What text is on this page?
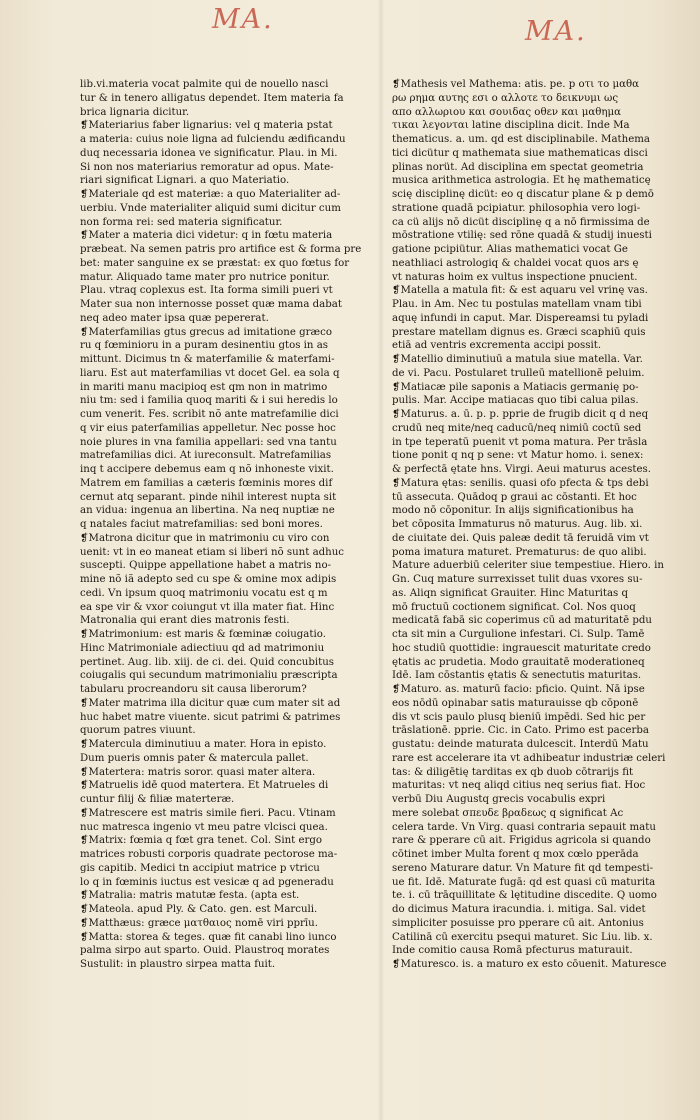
MA.	MA.
lib.vi.materia vocat palmite qui de nouello nasci
tur & in tenero alligatus dependet. Item materia fa
brica lignaria dicitur.
❡Materiarius faber lignarius: vel q materia pstat
a materia: cuius noie ligna ad fulciendu ædificandu
duq necessaria idonea ve significatur. Plau. in Mi.
Si non nos materiarius remoratur ad opus. Mate-
riari significat Lignari. a quo Materiatio.
❡Materiale qd est materiæ: a quo Materialiter ad-
uerbiu. Vnde materialiter aliquid sumi dicitur cum
non forma rei: sed materia significatur.
❡Mater a materia dici videtur: q in fœtu materia
præbeat. Na semen patris pro artifice est & forma pre
bet: mater sanguine ex se præstat: ex quo fœtus for
matur. Aliquado tame mater pro nutrice ponitur.
Plau. vtraq coplexus est. Ita forma simili pueri vt
Mater sua non internosse posset quæ mama dabat
neq adeo mater ipsa quæ pepererat.
❡Materfamilias gtus grecus ad imitatione græco
ru q fœminioru in a puram desinentiu gtos in as
mittunt. Dicimus tn & materfamilie & materfami-
liaru. Est aut materfamilias vt docet Gel. ea sola q
in mariti manu macipioq est qm non in matrimo
niu tm: sed i familia quoq mariti & i sui heredis lo
cum venerit. Fes. scribit nõ ante matrefamilie dici
q vir eius paterfamilias appelletur. Nec posse hoc
noie plures in vna familia appellari: sed vna tantu
matrefamilias dici. At iureconsult. Matrefamilias
inq t accipere debemus eam q nõ inhoneste vixit.
Matrem em familias a cæteris fœminis mores dif
cernut atq separant. pinde nihil interest nupta sit
an vidua: ingenua an libertina. Na neq nuptiæ ne
q natales faciut matrefamilias: sed boni mores.
❡Matrona dicitur que in matrimoniu cu viro con
uenit: vt in eo maneat etiam si liberi nõ sunt adhuc
suscepti. Quippe appellatione habet a matris no-
mine nõ iã adepto sed cu spe & omine mox adipis
cedi. Vn ipsum quoq matrimoniu vocatu est q m
ea spe vir & vxor coiungut vt illa mater fiat. Hinc
Matronalia qui erant dies matronis festi.
❡Matrimonium: est maris & fœminæ coiugatio.
Hinc Matrimoniale adiectiuu qd ad matrimoniu
pertinet. Aug. lib. xiij. de ci. dei. Quid concubitus
coiugalis qui secundum matrimonialiu præscripta
tabularu procreandoru sit causa liberorum?
❡Mater matrima illa dicitur quæ cum mater sit ad
huc habet matre viuente. sicut patrimi & patrimes
quorum patres viuunt.
❡Matercula diminutiuu a mater. Hora in episto.
Dum pueris omnis pater & matercula pallet.
❡Matertera: matris soror. quasi mater altera.
❡Matruelis idē quod matertera. Et Matrueles di
cuntur filij & filiæ materteræ.
❡Matrescere est matris simile fieri. Pacu. Vtinam
nuc matresca ingenio vt meu patre vlcisci quea.
❡Matrix: fœmia q fœt gra tenet. Col. Sint ergo
matrices robusti corporis quadrate pectorose ma-
gis capitib. Medici tn accipiut matrice p vtricu
lo q in fœminis iuctus est vesicæ q ad pgeneradu
❡Matralia: matris matutæ festa. (apta est.
❡Mateola. apud Ply. & Cato. gen. est Marculi.
❡Matthæus: græce ματθαιος nomē viri pprīu.
❡Matta: storea & teges. quæ fit canabi lino iunco
palma sirpo aut sparto. Ouid. Plaustroq morates
Sustulit: in plaustro sirpea matta fuit.
❡Mathesis vel Mathema: atis. pe. p οτι το μαθα
ρω ρημα αυτης εσι ο αλλοτε το δεικνυμι ως
απο αλλωριου και σουιδας οθεν και μαθημα
τικαι λεγονται latine disciplina dicit. Inde Ma
thematicus. a. um. qd est disciplinabile. Mathema
tici dicütur q mathemata siue mathematicas disci
plinas norüt. Ad disciplina em spectat geometria
musica arithmetica astrologia. Et hę mathematicę
scię disciplinę dicüt: eo q discatur plane & p demō
stratione quadā pcipiatur. philosophia vero logi-
ca cü alijs nō dicüt disciplinę q a nō firmissima de
mōstratione vtilię: sed rōne quadā & studij inuesti
gatione pcipiütur. Alias mathematici vocat Ge
neathliaci astrologiq & chaldei vocat quos ars ę
vt naturas hoim ex vultus inspectione pnucient.
❡Matella a matula fit: & est aquaru vel vrinę vas.
Plau. in Am. Nec tu postulas matellam vnam tibi
aquę infundi in caput. Mar. Dispereamsi tu pyladi
prestare matellam dignus es. Græci scaphiū quis
etiā ad ventris excrementa accipi possit.
❡Matellio diminutiuū a matula siue matella. Var.
de vi. Pacu. Postularet trulleū matellionē peluim.
❡Matiacæ pile saponis a Matiacis germanię po-
pulis. Mar. Accipe matiacas quo tibi calua pilas.
❡Maturus. a. ū. p. p. pprie de frugib dicit q d neq
crudū neq mite/neq caducū/neq nimiū coctū sed
in tpe teperatū puenit vt poma matura. Per trāsla
tione ponit q nq p sene: vt Matur homo. i. senex:
& perfectā ętate hns. Virgi. Aeui maturus acestes.
❡Matura ętas: senilis. quasi ofo pfecta & tps debi
tū assecuta. Quādoq p graui ac cōstanti. Et hoc
modo nō cōponitur. In alijs significationibus ha
bet cōposita Immaturus nō maturus. Aug. lib. xi.
de ciuitate dei. Quis paleæ dedit tā feruidā vim vt
poma imatura maturet. Prematurus: de quo alibi.
Mature aduerbiū celeriter siue tempestiue. Hiero. in
Gn. Cuq mature surrexisset tulit duas vxores su-
as. Aliqn significat Grauiter. Hinc Maturitas q
mō fructuū coctionem significat. Col. Nos quoq
medicatā fabā sic coperimus cū ad maturitatē pdu
cta sit min a Curgulione infestari. Ci. Sulp. Tamē
hoc studiū quottidie: ingrauescit maturitate credo
ętatis ac prudetia. Modo grauitatē moderationeq
Idē. Iam cōstantis ętatis & senectutis maturitas.
❡Maturo. as. maturū facio: pficio. Quint. Nā ipse
eos nōdū opinabar satis maturauisse qb cōponē
dis vt scis paulo plusq bieniū impēdi. Sed hic per
trāslationē. pprie. Cic. in Cato. Primo est pacerba
gustatu: deinde maturata dulcescit. Interdū Matu
rare est accelerare ita vt adhibeatur industriæ celeri
tas: & diligētię tarditas ex qb duob cōtrarijs fit
maturitas: vt neq aliqd citius neq serius fiat. Hoc
verbū Diu Augustq grecis vocabulis expri
mere solebat σπευδε βραδεως q significat Ac
celera tarde. Vn Virg. quasi contraria sepauit matu
rare & pperare cū ait. Frigidus agricola si quando
cōtinet imber Multa forent q mox cœlo pperāda
sereno Maturare datur. Vn Mature fit qd tempesti-
ue fit. Idē. Maturate fugā: qd est quasi cū maturita
te. i. cū trāquillitate & lętitudine discedite. Q uomo
do dicimus Matura iracundia. i. mitiga. Sal. videt
simpliciter posuisse pro pperare cū ait. Antonius
Catilinā cū exercitu psequi maturet. Sic Liu. lib. x.
Inde comitio causa Romā pfecturus maturauit.
❡Maturesco. is. a maturo ex esto cōuenit. Maturesce
